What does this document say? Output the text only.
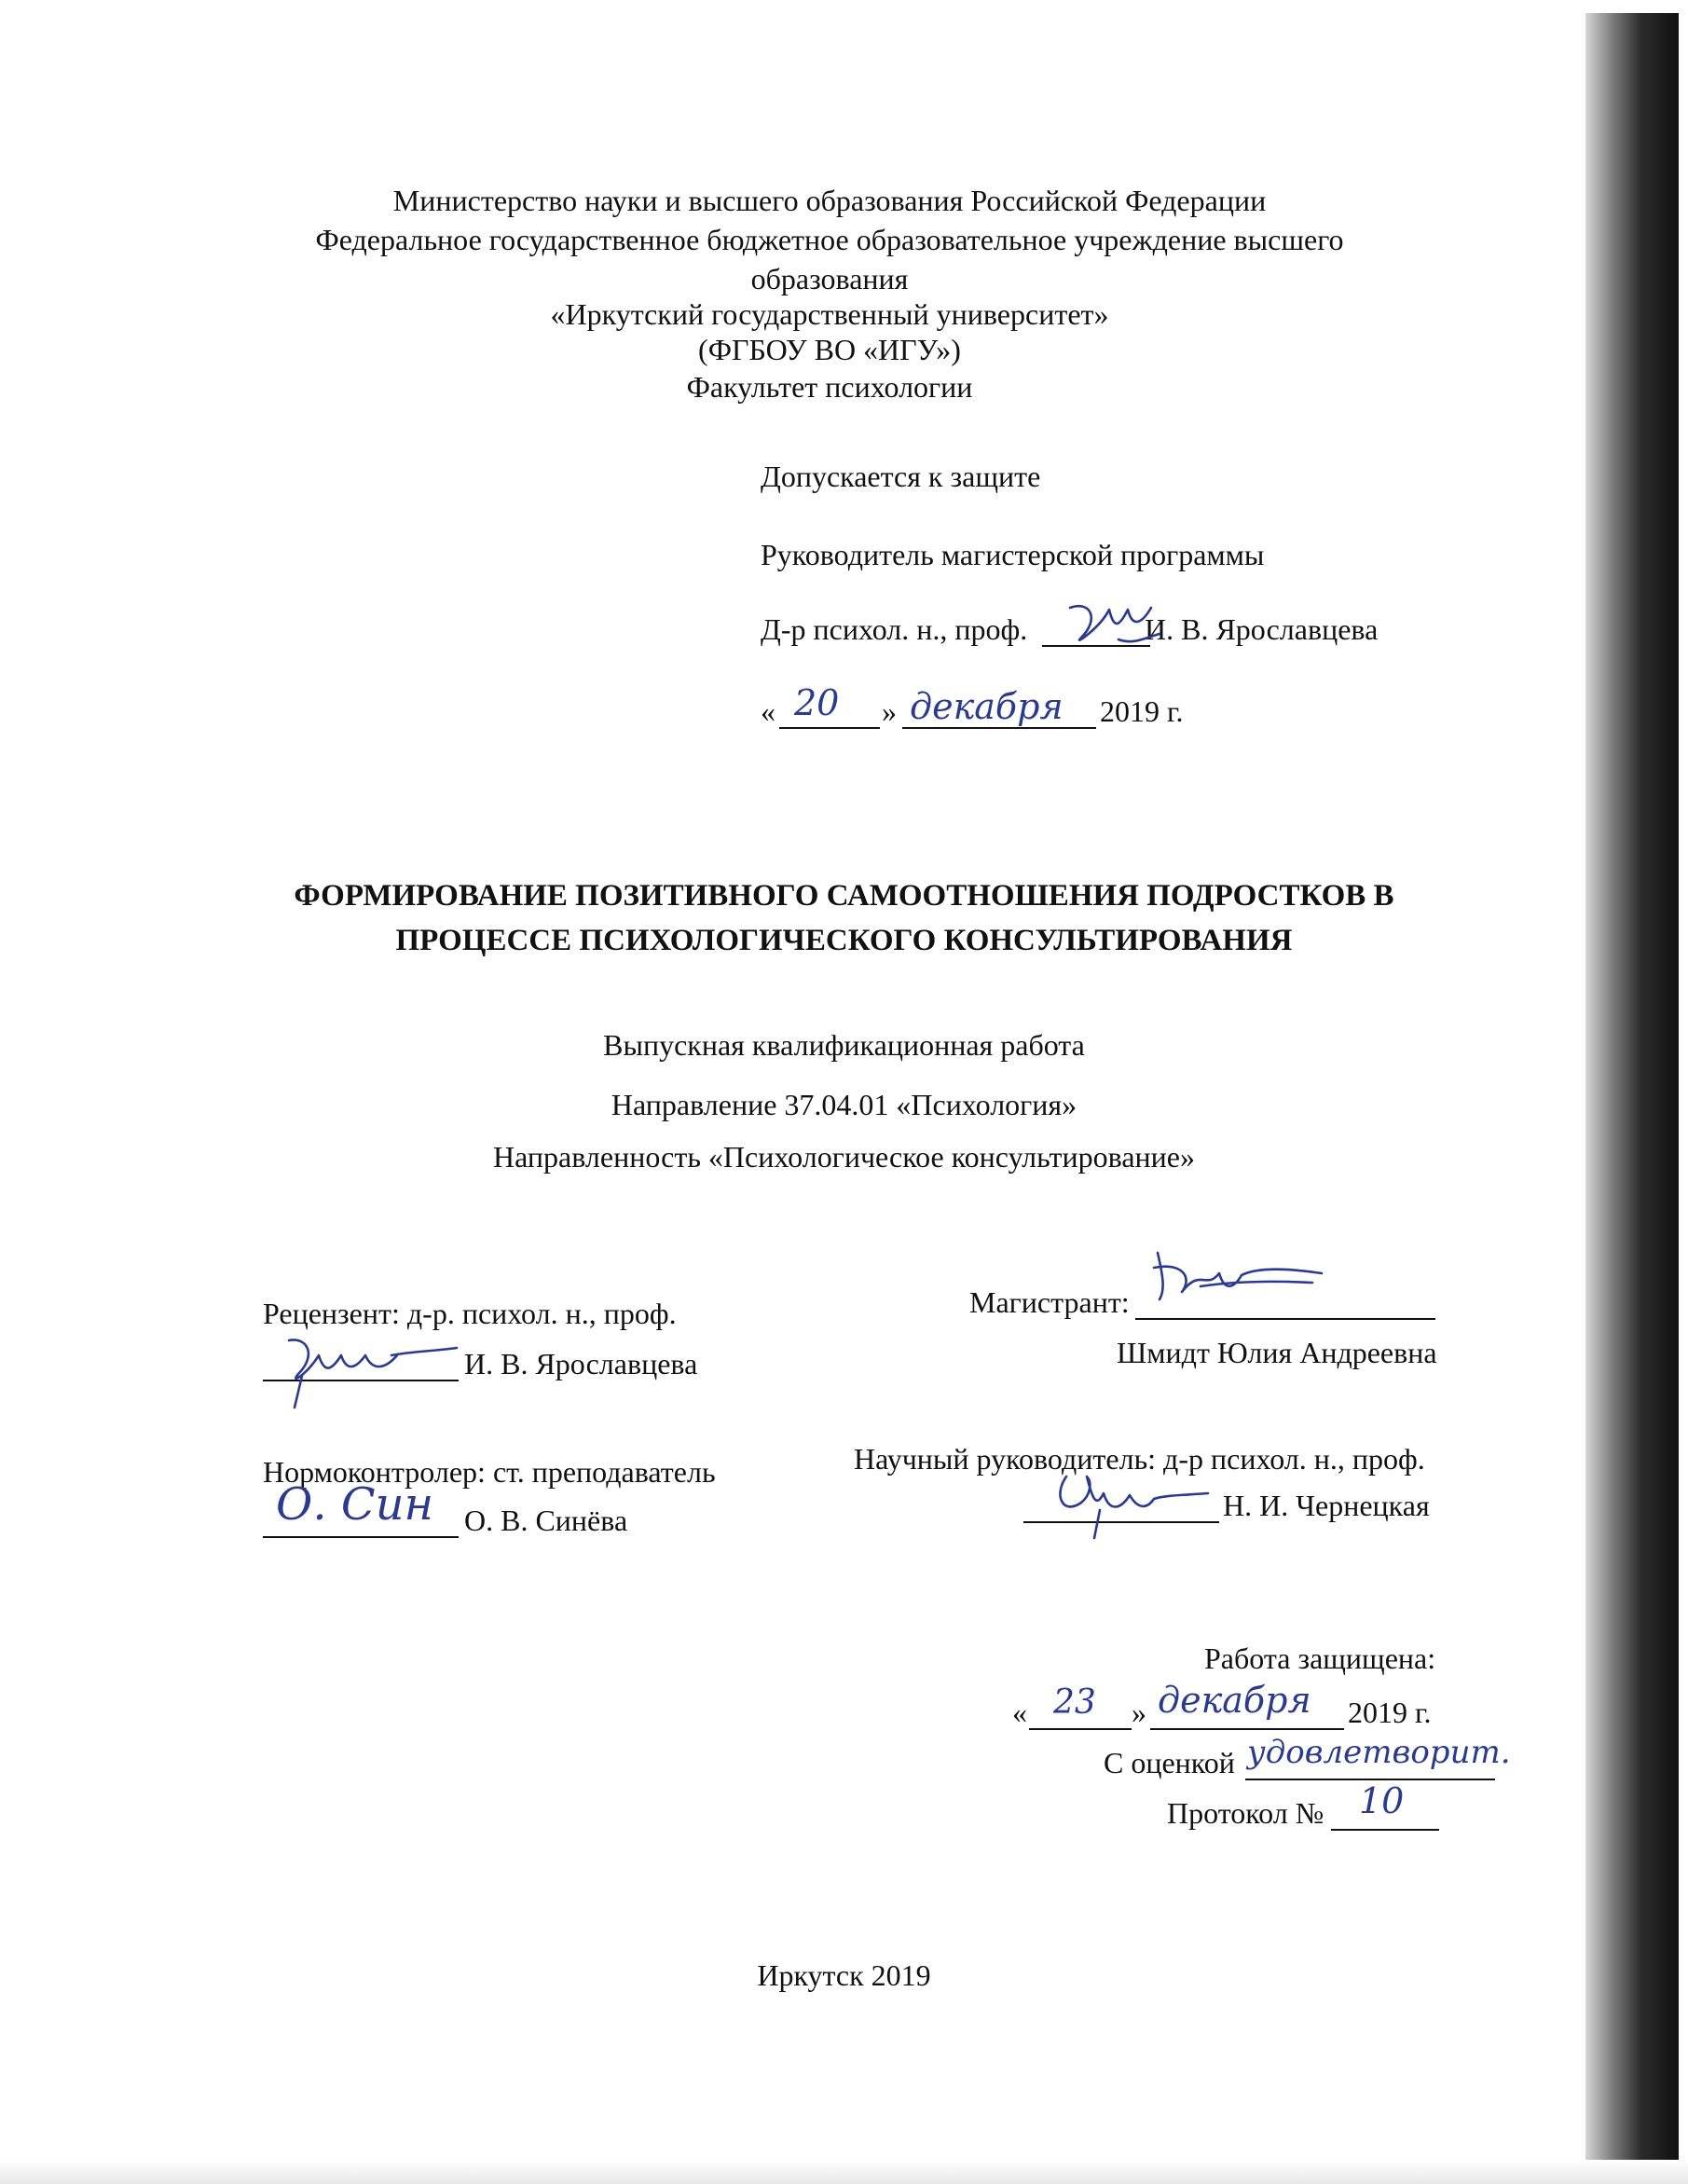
Министерство науки и высшего образования Российской Федерации
Федеральное государственное бюджетное образовательное учреждение высшего
образования
«Иркутский государственный университет»
(ФГБОУ ВО «ИГУ»)
Факультет психологии
Допускается к защите
Руководитель магистерской программы
Д-р психол. н., проф.	И. В. Ярославцева
« 20 » декабря 2019 г.
ФОРМИРОВАНИЕ ПОЗИТИВНОГО САМООТНОШЕНИЯ ПОДРОСТКОВ В
ПРОЦЕССЕ ПСИХОЛОГИЧЕСКОГО КОНСУЛЬТИРОВАНИЯ
Выпускная квалификационная работа
Направление 37.04.01 «Психология»
Направленность «Психологическое консультирование»
Рецензент: д-р. психол. н., проф.
И. В. Ярославцева
Магистрант:
Шмидт Юлия Андреевна
Нормоконтролер: ст. преподаватель
О. Син О. В. Синёва
Научный руководитель: д-р психол. н., проф.
Н. И. Чернецкая
Работа защищена:
« 23 » декабря 2019 г.
С оценкой удовлетворит.
Протокол № 10
Иркутск 2019
